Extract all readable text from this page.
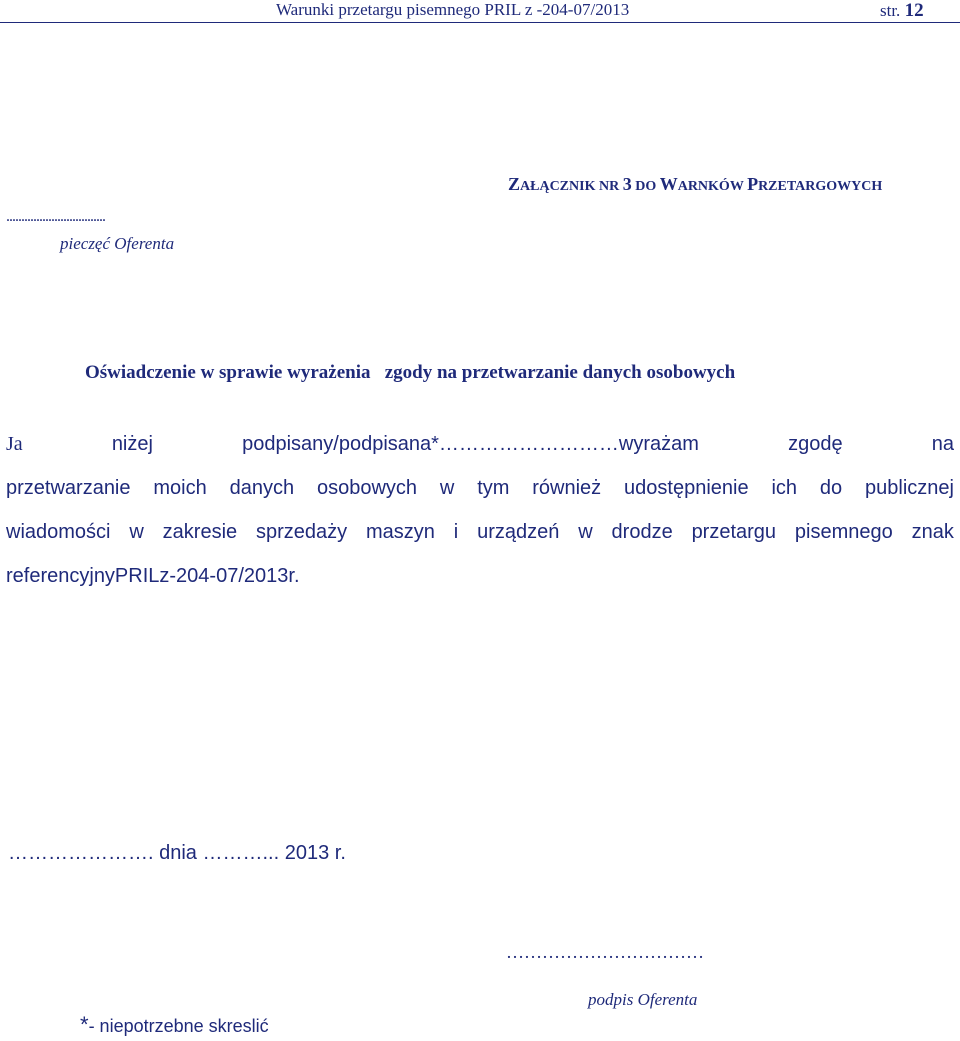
Warunki przetargu pisemnego PRIL z -204-07/2013	str. 12
ZAŁĄCZNIK NR 3 DO WARNKÓW PRZETARGOWYCH
.................................
pieczęć Oferenta
Oświadczenie w sprawie wyrażenia   zgody na przetwarzanie danych osobowych
Ja	niżej	podpisany/podpisana*………………………wyrażam	zgodę	na
przetwarzanie moich danych osobowych w tym również udostępnienie ich do publicznej
wiadomości w zakresie sprzedaży maszyn i urządzeń w drodze przetargu pisemnego znak
referencyjnyPRILz-204-07/2013r.
…………………. dnia ………... 2013 r.
……………………………
podpis Oferenta
*- niepotrzebne skreslić
